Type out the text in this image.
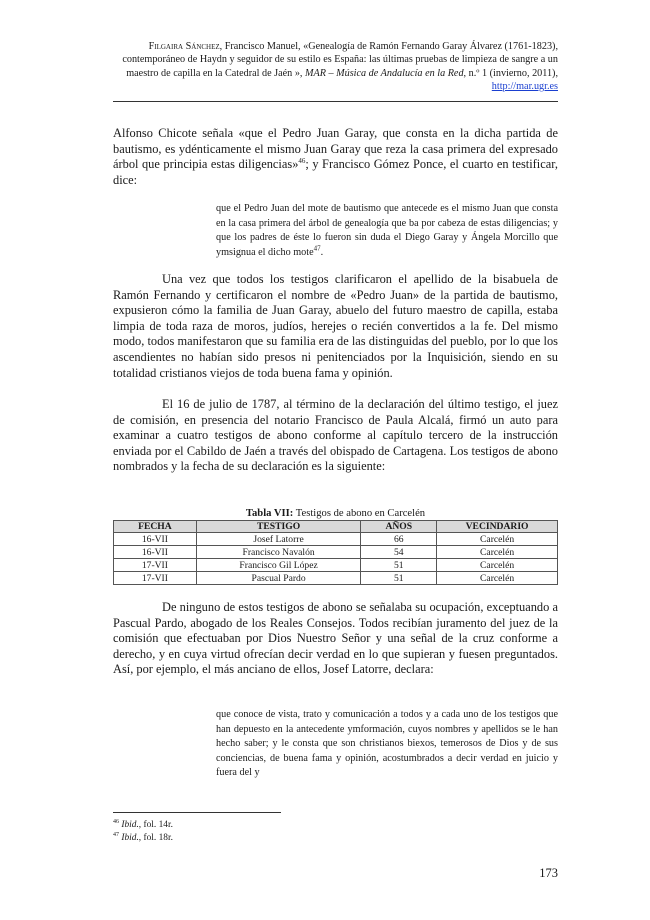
Filgaira Sánchez, Francisco Manuel, «Genealogía de Ramón Fernando Garay Álvarez (1761-1823), contemporáneo de Haydn y seguidor de su estilo es España: las últimas pruebas de limpieza de sangre a un maestro de capilla en la Catedral de Jaén », MAR – Música de Andalucía en la Red, n.º 1 (invierno, 2011), http://mar.ugr.es
Alfonso Chicote señala «que el Pedro Juan Garay, que consta en la dicha partida de bautismo, es ydénticamente el mismo Juan Garay que reza la casa primera del expresado árbol que principia estas diligencias»$^{46}$; y Francisco Gómez Ponce, el cuarto en testificar, dice:
que el Pedro Juan del mote de bautismo que antecede es el mismo Juan que consta en la casa primera del árbol de genealogía que ba por cabeza de estas diligencias; y que los padres de éste lo fueron sin duda el Diego Garay y Ángela Morcillo que ymsignua el dicho mote$^{47}$.
Una vez que todos los testigos clarificaron el apellido de la bisabuela de Ramón Fernando y certificaron el nombre de «Pedro Juan» de la partida de bautismo, expusieron cómo la familia de Juan Garay, abuelo del futuro maestro de capilla, estaba limpia de toda raza de moros, judíos, herejes o recién convertidos a la fe. Del mismo modo, todos manifestaron que su familia era de las distinguidas del pueblo, por lo que los ascendientes no habían sido presos ni penitenciados por la Inquisición, siendo en su totalidad cristianos viejos de toda buena fama y opinión.
El 16 de julio de 1787, al término de la declaración del último testigo, el juez de comisión, en presencia del notario Francisco de Paula Alcalá, firmó un auto para examinar a cuatro testigos de abono conforme al capítulo tercero de la instrucción enviada por el Cabildo de Jaén a través del obispado de Cartagena. Los testigos de abono nombrados y la fecha de su declaración es la siguiente:
Tabla VII: Testigos de abono en Carcelén
FECHA	TESTIGO	AÑOS	VECINDARIO
16-VII	Josef Latorre	66	Carcelén
16-VII	Francisco Navalón	54	Carcelén
17-VII	Francisco Gil López	51	Carcelén
17-VII	Pascual Pardo	51	Carcelén
De ninguno de estos testigos de abono se señalaba su ocupación, exceptuando a Pascual Pardo, abogado de los Reales Consejos. Todos recibían juramento del juez de la comisión que efectuaban por Dios Nuestro Señor y una señal de la cruz conforme a derecho, y en cuya virtud ofrecían decir verdad en lo que supieran y fuesen preguntados. Así, por ejemplo, el más anciano de ellos, Josef Latorre, declara:
que conoce de vista, trato y comunicación a todos y a cada uno de los testigos que han depuesto en la antecedente ymformación, cuyos nombres y apellidos se le han hecho saber; y le consta que son christianos biexos, temerosos de Dios y de sus conciencias, de buena fama y opinión, acostumbrados a decir verdad en juicio y fuera del y
$^{46}$ Ibid., fol. 14r.
$^{47}$ Ibid., fol. 18r.
173
